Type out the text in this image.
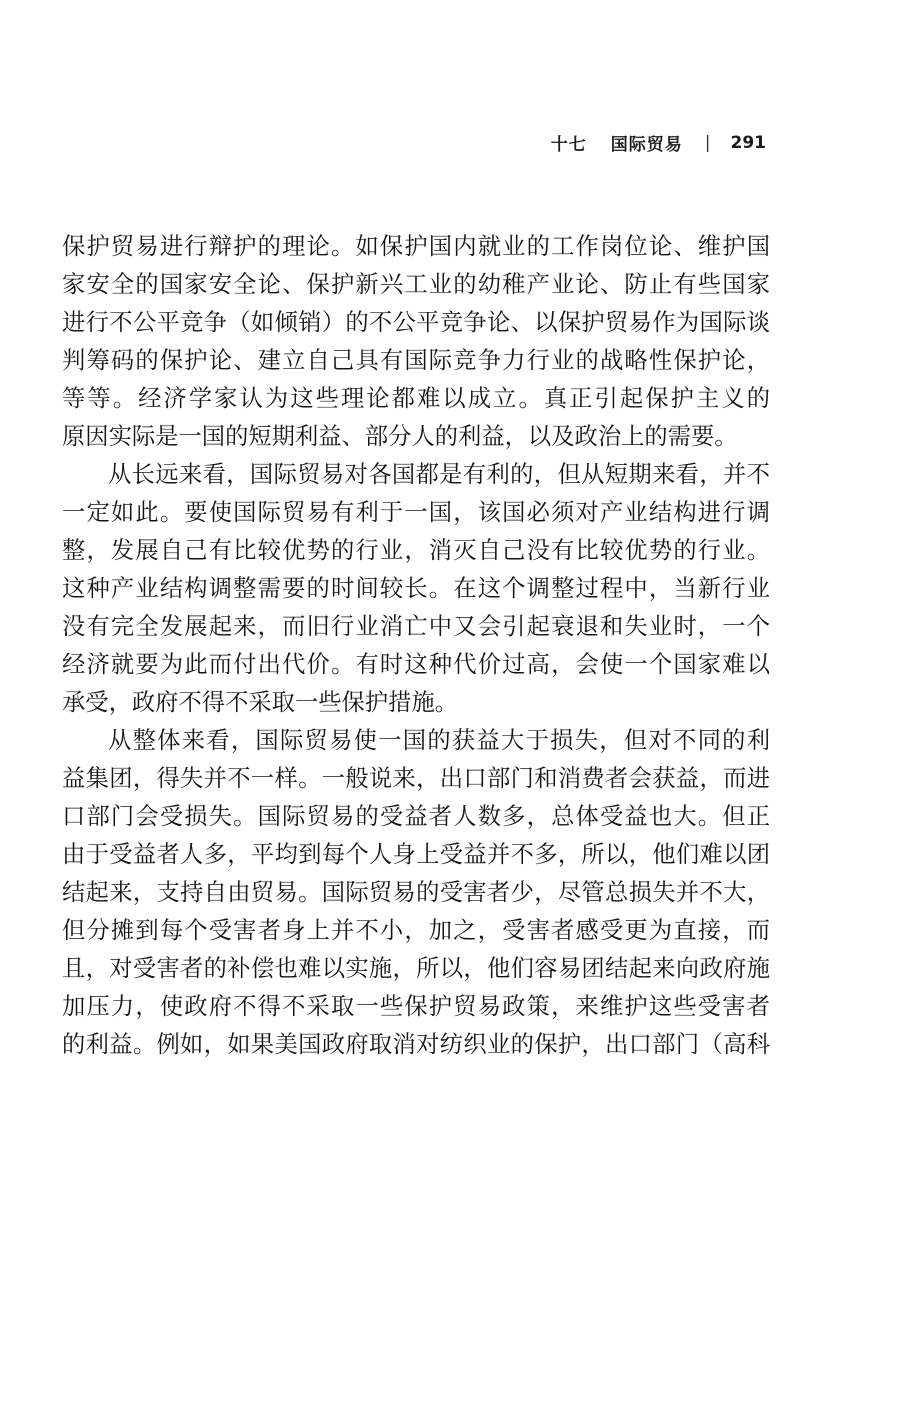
十七 国际贸易 | 291
保护贸易进行辩护的理论。如保护国内就业的工作岗位论、维护国
家安全的国家安全论、保护新兴工业的幼稚产业论、防止有些国家
进行不公平竞争（如倾销）的不公平竞争论、以保护贸易作为国际谈
判筹码的保护论、建立自己具有国际竞争力行业的战略性保护论，
等等。经济学家认为这些理论都难以成立。真正引起保护主义的
原因实际是一国的短期利益、部分人的利益，以及政治上的需要。
从长远来看，国际贸易对各国都是有利的，但从短期来看，并不
一定如此。要使国际贸易有利于一国，该国必须对产业结构进行调
整，发展自己有比较优势的行业，消灭自己没有比较优势的行业。
这种产业结构调整需要的时间较长。在这个调整过程中，当新行业
没有完全发展起来，而旧行业消亡中又会引起衰退和失业时，一个
经济就要为此而付出代价。有时这种代价过高，会使一个国家难以
承受，政府不得不采取一些保护措施。
从整体来看，国际贸易使一国的获益大于损失，但对不同的利
益集团，得失并不一样。一般说来，出口部门和消费者会获益，而进
口部门会受损失。国际贸易的受益者人数多，总体受益也大。但正
由于受益者人多，平均到每个人身上受益并不多，所以，他们难以团
结起来，支持自由贸易。国际贸易的受害者少，尽管总损失并不大，
但分摊到每个受害者身上并不小，加之，受害者感受更为直接，而
且，对受害者的补偿也难以实施，所以，他们容易团结起来向政府施
加压力，使政府不得不采取一些保护贸易政策，来维护这些受害者
的利益。例如，如果美国政府取消对纺织业的保护，出口部门（高科
